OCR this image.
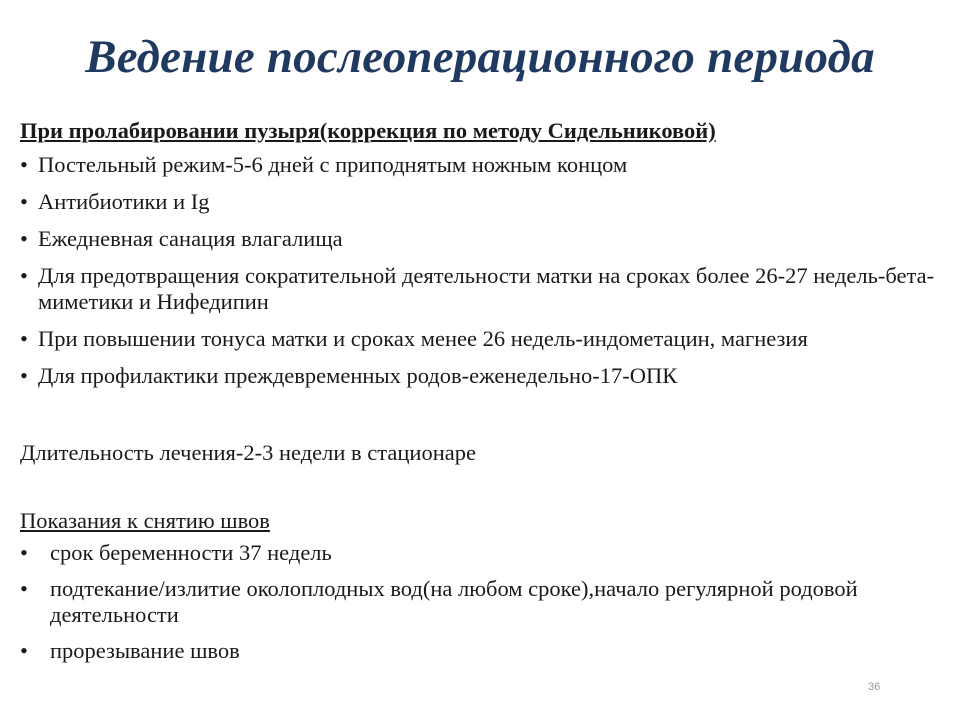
Ведение послеоперационного периода
При пролабировании пузыря(коррекция по методу Сидельниковой)
• Постельный режим-5-6 дней с приподнятым ножным концом
• Антибиотики и Ig
• Ежедневная санация влагалища
• Для предотвращения сократительной деятельности матки на сроках более 26-27 недель-бета-миметики и Нифедипин
• При повышении тонуса матки и сроках менее 26 недель-индометацин, магнезия
• Для профилактики преждевременных родов-еженедельно-17-ОПК

Длительность лечения-2-3 недели в стационаре

Показания к снятию швов
• срок беременности 37 недель
• подтекание/излитие околоплодных вод(на любом сроке),начало регулярной родовой деятельности
• прорезывание швов
36
